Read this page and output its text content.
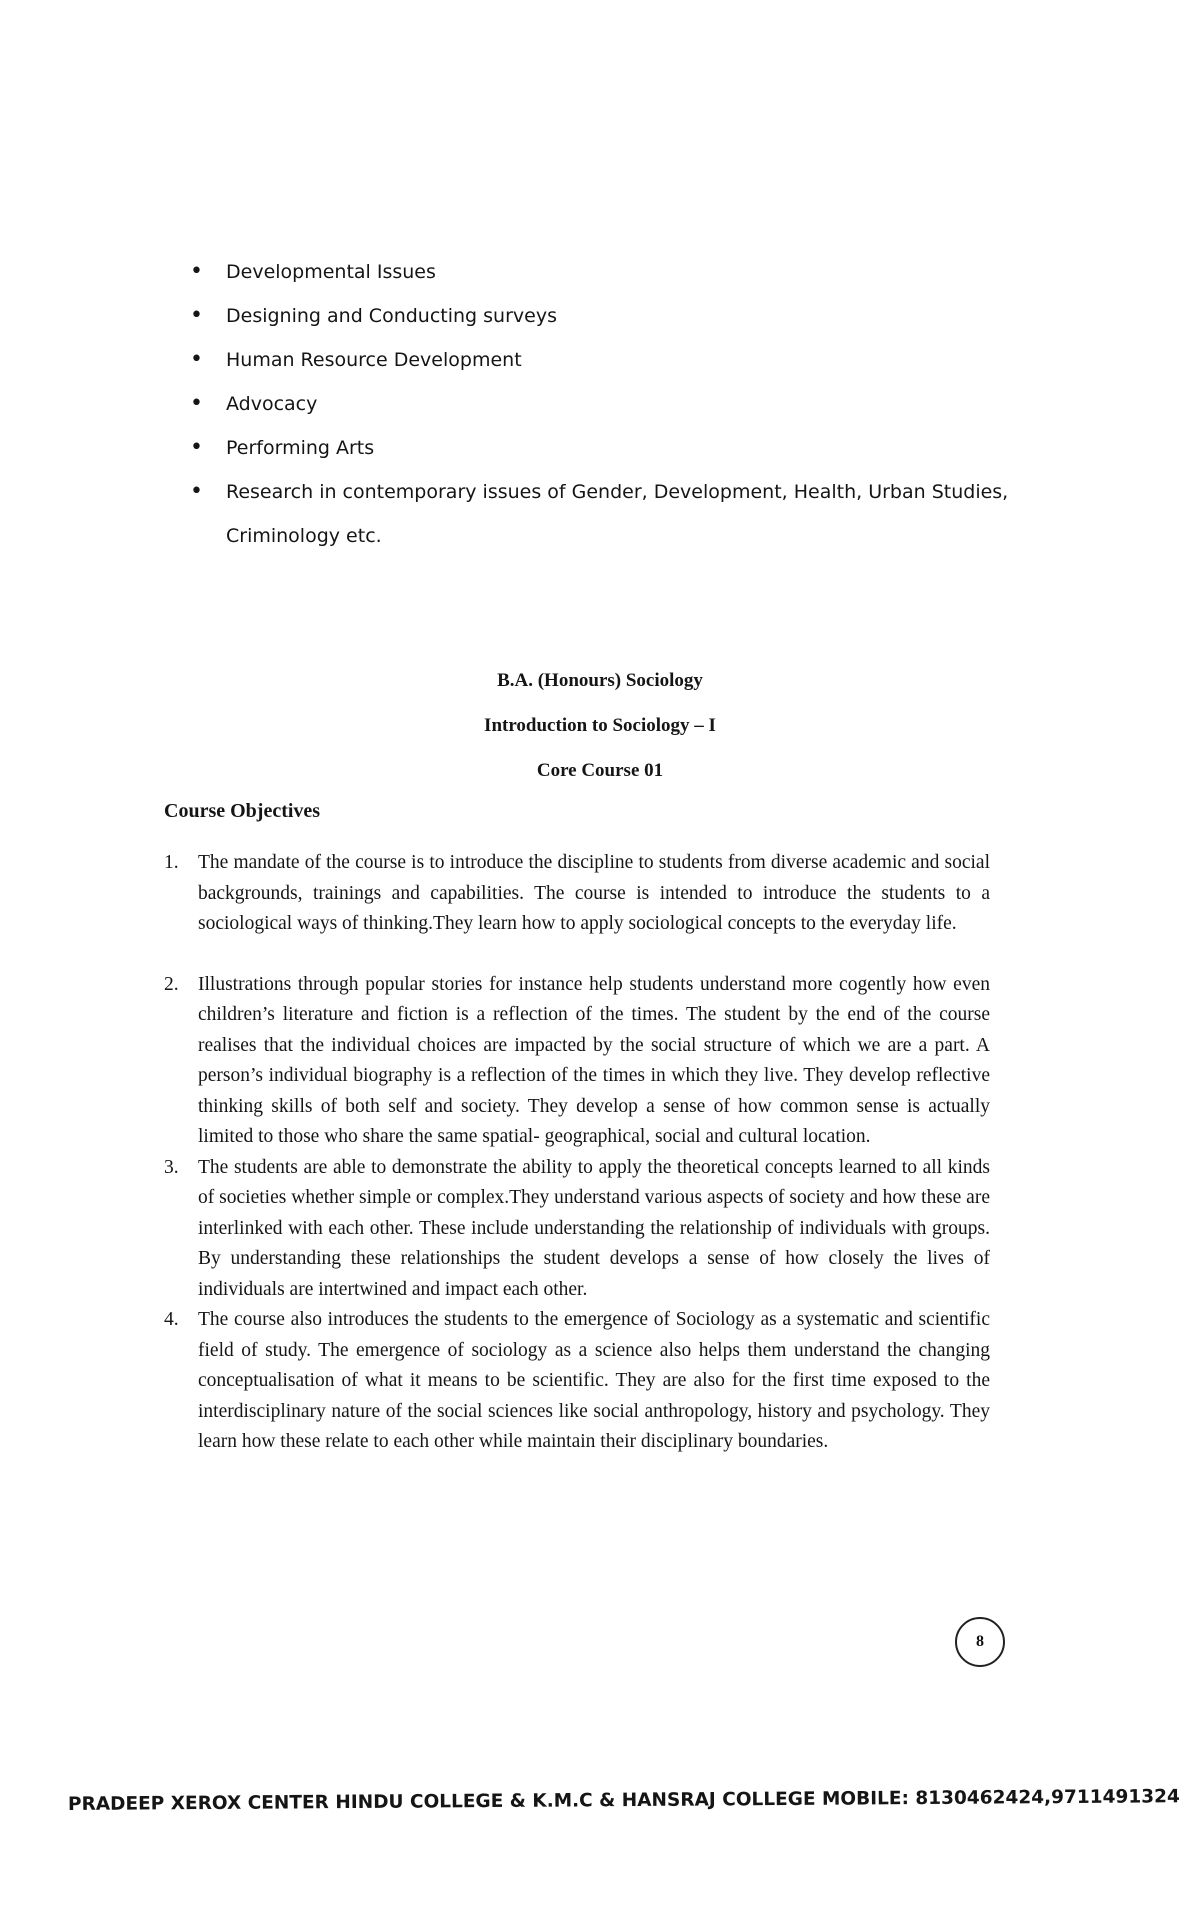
• Developmental Issues
• Designing and Conducting surveys
• Human Resource Development
• Advocacy
• Performing Arts
• Research in contemporary issues of Gender, Development, Health, Urban Studies, Criminology etc.
B.A. (Honours) Sociology
Introduction to Sociology – I
Core Course 01
Course Objectives
1. The mandate of the course is to introduce the discipline to students from diverse academic and social backgrounds, trainings and capabilities. The course is intended to introduce the students to a sociological ways of thinking.They learn how to apply sociological concepts to the everyday life.
2. Illustrations through popular stories for instance help students understand more cogently how even children’s literature and fiction is a reflection of the times. The student by the end of the course realises that the individual choices are impacted by the social structure of which we are a part. A person’s individual biography is a reflection of the times in which they live. They develop reflective thinking skills of both self and society. They develop a sense of how common sense is actually limited to those who share the same spatial- geographical, social and cultural location.
3. The students are able to demonstrate the ability to apply the theoretical concepts learned to all kinds of societies whether simple or complex.They understand various aspects of society and how these are interlinked with each other. These include understanding the relationship of individuals with groups. By understanding these relationships the student develops a sense of how closely the lives of individuals are intertwined and impact each other.
4. The course also introduces the students to the emergence of Sociology as a systematic and scientific field of study. The emergence of sociology as a science also helps them understand the changing conceptualisation of what it means to be scientific. They are also for the first time exposed to the interdisciplinary nature of the social sciences like social anthropology, history and psychology. They learn how these relate to each other while maintain their disciplinary boundaries.
8
PRADEEP XEROX CENTER HINDU COLLEGE & K.M.C & HANSRAJ COLLEGE MOBILE: 8130462424,9711491324
